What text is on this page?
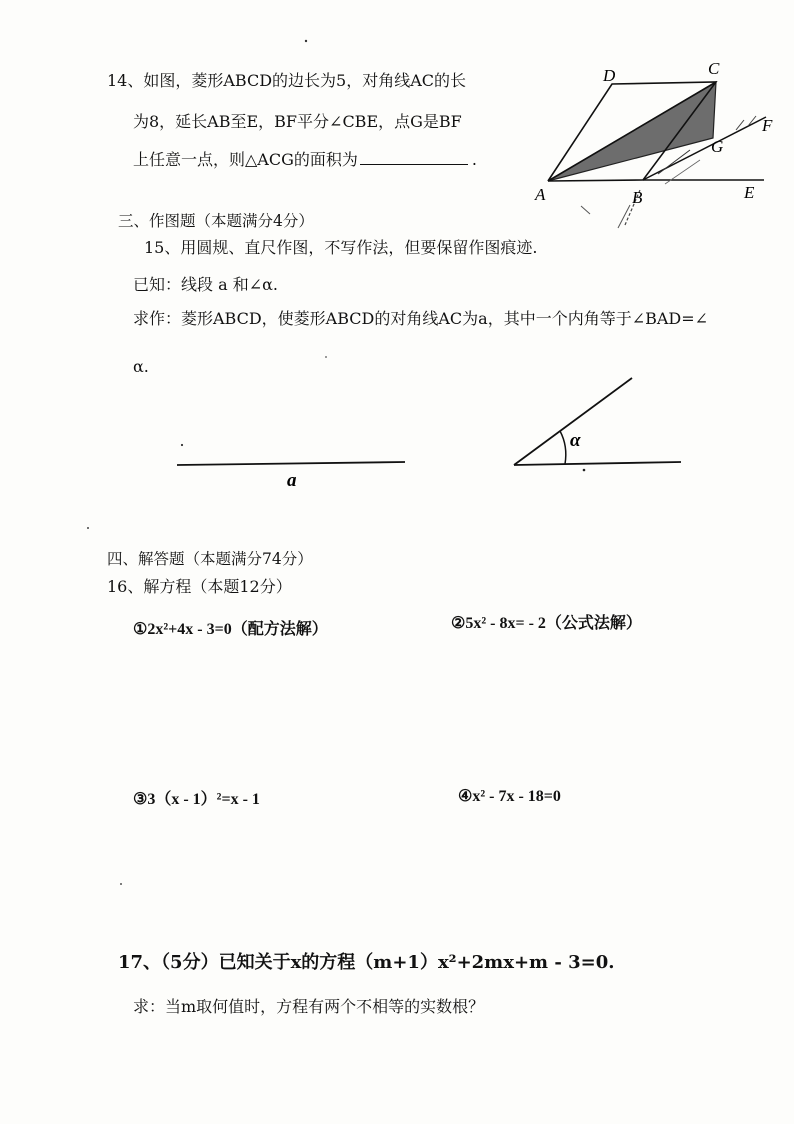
14、如图，菱形ABCD的边长为5，对角线AC的长
为8，延长AB至E，BF平分∠CBE，点G是BF
上任意一点，则△ACG的面积为	.
A	B
C
D
E
F
G
三、作图题（本题满分4分）
15、用圆规、直尺作图，不写作法，但要保留作图痕迹.
已知：线段 a 和∠α.
求作：菱形ABCD，使菱形ABCD的对角线AC为a，其中一个内角等于∠BAD=∠
α.
a
α
四、解答题（本题满分74分）
16、解方程（本题12分）
①2x²+4x - 3=0（配方法解）	②5x² - 8x= - 2（公式法解）
③3（x - 1）²=x - 1	④x² - 7x - 18=0
17、（5分）已知关于x的方程（m+1）x²+2mx+m - 3=0.
求：当m取何值时，方程有两个不相等的实数根？
